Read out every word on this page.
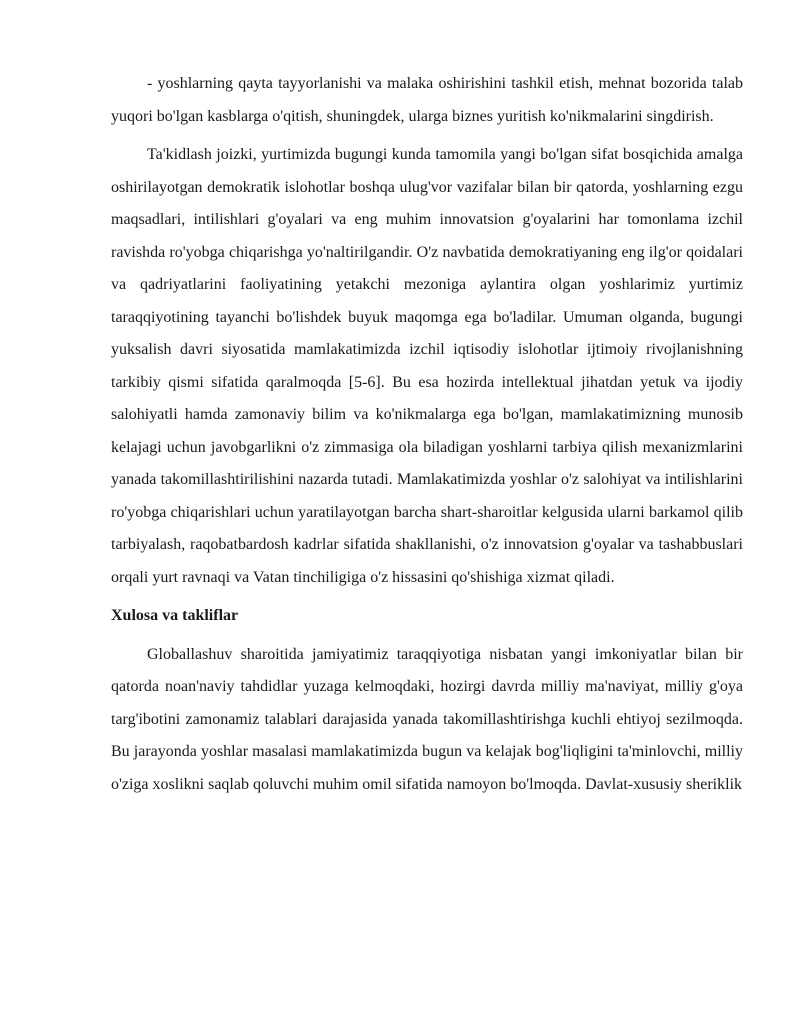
- yoshlarning qayta tayyorlanishi va malaka oshirishini tashkil etish, mehnat bozorida talab yuqori bo'lgan kasblarga o'qitish, shuningdek, ularga biznes yuritish ko'nikmalarini singdirish.

Ta'kidlash joizki, yurtimizda bugungi kunda tamomila yangi bo'lgan sifat bosqichida amalga oshirilayotgan demokratik islohotlar boshqa ulug'vor vazifalar bilan bir qatorda, yoshlarning ezgu maqsadlari, intilishlari g'oyalari va eng muhim innovatsion g'oyalarini har tomonlama izchil ravishda ro'yobga chiqarishga yo'naltirilgandir. O'z navbatida demokratiyaning eng ilg'or qoidalari va qadriyatlarini faoliyatining yetakchi mezoniga aylantira olgan yoshlarimiz yurtimiz taraqqiyotining tayanchi bo'lishdek buyuk maqomga ega bo'ladilar. Umuman olganda, bugungi yuksalish davri siyosatida mamlakatimizda izchil iqtisodiy islohotlar ijtimoiy rivojlanishning tarkibiy qismi sifatida qaralmoqda [5-6]. Bu esa hozirda intellektual jihatdan yetuk va ijodiy salohiyatli hamda zamonaviy bilim va ko'nikmalarga ega bo'lgan, mamlakatimizning munosib kelajagi uchun javobgarlikni o'z zimmasiga ola biladigan yoshlarni tarbiya qilish mexanizmlarini yanada takomillashtirilishini nazarda tutadi. Mamlakatimizda yoshlar o'z salohiyat va intilishlarini ro'yobga chiqarishlari uchun yaratilayotgan barcha shart-sharoitlar kelgusida ularni barkamol qilib tarbiyalash, raqobatbardosh kadrlar sifatida shakllanishi, o'z innovatsion g'oyalar va tashabbuslari orqali yurt ravnaqi va Vatan tinchiligiga o'z hissasini qo'shishiga xizmat qiladi.

Xulosa va takliflar

Globallashuv sharoitida jamiyatimiz taraqqiyotiga nisbatan yangi imkoniyatlar bilan bir qatorda noan'naviy tahdidlar yuzaga kelmoqdaki, hozirgi davrda milliy ma'naviyat, milliy g'oya targ'ibotini zamonamiz talablari darajasida yanada takomillashtirishga kuchli ehtiyoj sezilmoqda. Bu jarayonda yoshlar masalasi mamlakatimizda bugun va kelajak bog'liqligini ta'minlovchi, milliy o'ziga xoslikni saqlab qoluvchi muhim omil sifatida namoyon bo'lmoqda. Davlat-xususiy sheriklik
